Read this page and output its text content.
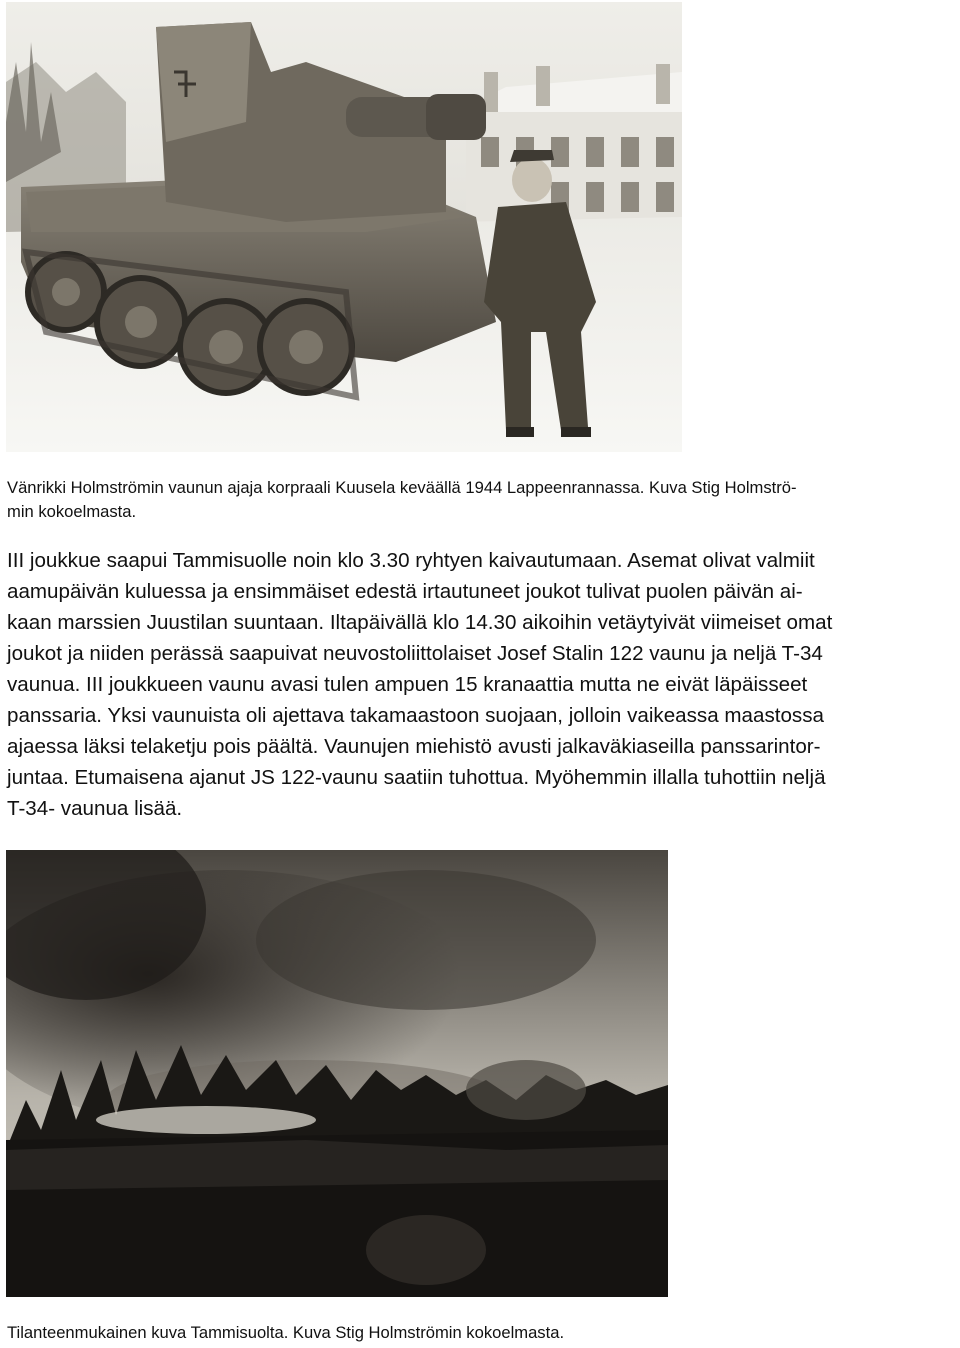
Vänrikki Holmströmin vaunun ajaja korpraali Kuusela keväällä 1944 Lappeenrannassa. Kuva Stig Holmströ-
min kokoelmasta.
III joukkue saapui Tammisuolle noin klo 3.30 ryhtyen kaivautumaan. Asemat olivat valmiit
aamupäivän kuluessa ja ensimmäiset edestä irtautuneet joukot tulivat puolen päivän ai-
kaan marssien Juustilan suuntaan. Iltapäivällä klo 14.30 aikoihin vetäytyivät viimeiset omat
joukot ja niiden perässä saapuivat neuvostoliittolaiset Josef Stalin 122 vaunu ja neljä T-34
vaunua. III joukkueen vaunu avasi tulen ampuen 15 kranaattia mutta ne eivät läpäisseet
panssaria. Yksi vaunuista oli ajettava takamaastoon suojaan, jolloin vaikeassa maastossa
ajaessa läksi telaketju pois päältä. Vaunujen miehistö avusti jalkaväkiaseilla panssarintor-
juntaa. Etumaisena ajanut JS 122-vaunu saatiin tuhottua. Myöhemmin illalla tuhottiin neljä
T-34- vaunua lisää.
Tilanteenmukainen kuva Tammisuolta. Kuva Stig Holmströmin kokoelmasta.
